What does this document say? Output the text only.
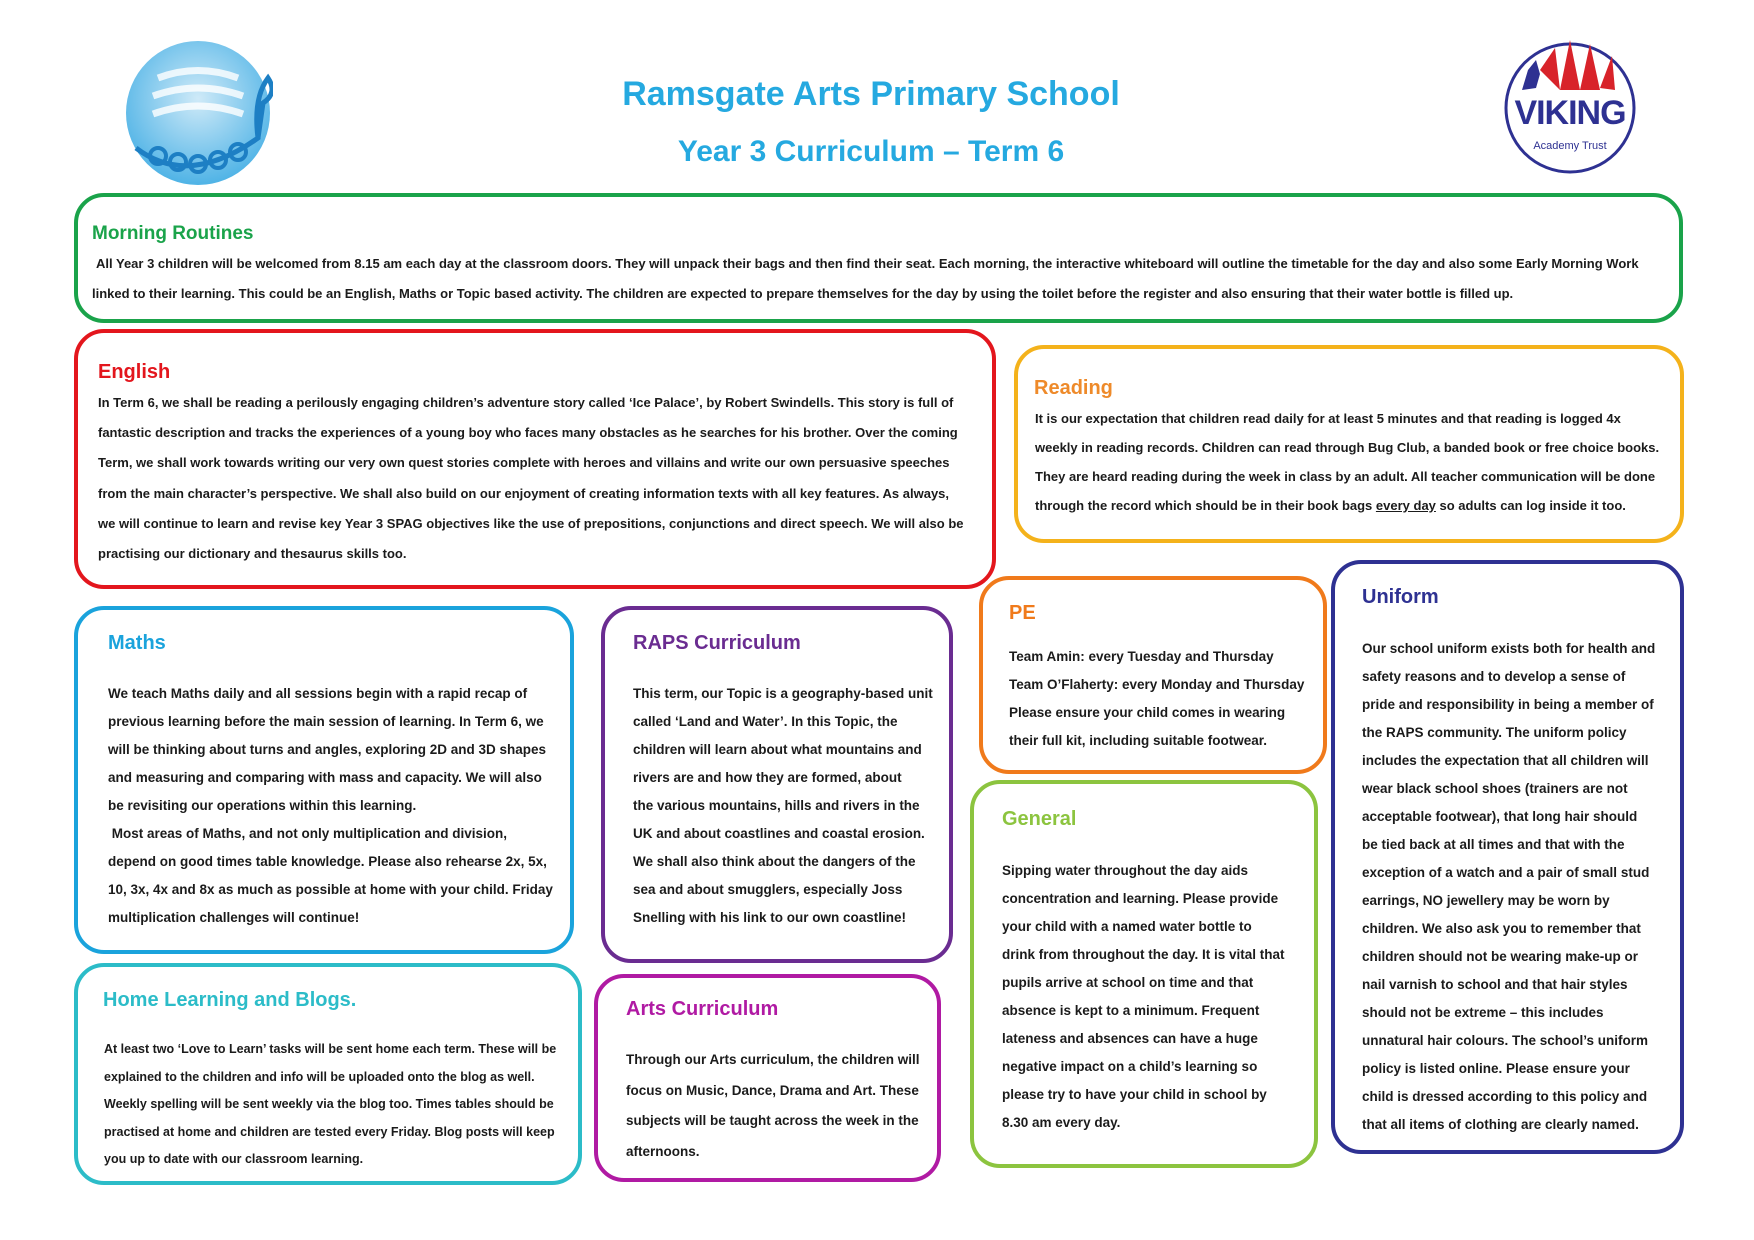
Ramsgate Arts Primary School
Year 3 Curriculum – Term 6
VIKING
Academy Trust
Morning Routines

All Year 3 children will be welcomed from 8.15 am each day at the classroom doors. They will unpack their bags and then find their seat. Each morning, the interactive whiteboard will outline the timetable for the day and also some Early Morning Work

linked to their learning. This could be an English, Maths or Topic based activity. The children are expected to prepare themselves for the day by using the toilet before the register and also ensuring that their water bottle is filled up.

English

In Term 6, we shall be reading a perilously engaging children’s adventure story called ‘Ice Palace’, by Robert Swindells. This story is full of

fantastic description and tracks the experiences of a young boy who faces many obstacles as he searches for his brother. Over the coming

Term, we shall work towards writing our very own quest stories complete with heroes and villains and write our own persuasive speeches

from the main character’s perspective. We shall also build on our enjoyment of creating information texts with all key features. As always,

we will continue to learn and revise key Year 3 SPAG objectives like the use of prepositions, conjunctions and direct speech. We will also be

practising our dictionary and thesaurus skills too.

Reading

It is our expectation that children read daily for at least 5 minutes and that reading is logged 4x

weekly in reading records. Children can read through Bug Club, a banded book or free choice books.

They are heard reading during the week in class by an adult. All teacher communication will be done

through the record which should be in their book bags every day so adults can log inside it too.

Maths

We teach Maths daily and all sessions begin with a rapid recap of

previous learning before the main session of learning. In Term 6, we

will be thinking about turns and angles, exploring 2D and 3D shapes

and measuring and comparing with mass and capacity. We will also

be revisiting our operations within this learning.

Most areas of Maths, and not only multiplication and division,

depend on good times table knowledge. Please also rehearse 2x, 5x,

10, 3x, 4x and 8x as much as possible at home with your child. Friday

multiplication challenges will continue!

RAPS Curriculum

This term, our Topic is a geography-based unit

called ‘Land and Water’. In this Topic, the

children will learn about what mountains and

rivers are and how they are formed, about

the various mountains, hills and rivers in the

UK and about coastlines and coastal erosion.

We shall also think about the dangers of the

sea and about smugglers, especially Joss

Snelling with his link to our own coastline!

PE

Team Amin: every Tuesday and Thursday

Team O’Flaherty: every Monday and Thursday

Please ensure your child comes in wearing

their full kit, including suitable footwear.

General

Sipping water throughout the day aids

concentration and learning. Please provide

your child with a named water bottle to

drink from throughout the day. It is vital that

pupils arrive at school on time and that

absence is kept to a minimum. Frequent

lateness and absences can have a huge

negative impact on a child’s learning so

please try to have your child in school by

8.30 am every day.

Uniform

Our school uniform exists both for health and

safety reasons and to develop a sense of

pride and responsibility in being a member of

the RAPS community. The uniform policy

includes the expectation that all children will

wear black school shoes (trainers are not

acceptable footwear), that long hair should

be tied back at all times and that with the

exception of a watch and a pair of small stud

earrings, NO jewellery may be worn by

children. We also ask you to remember that

children should not be wearing make-up or

nail varnish to school and that hair styles

should not be extreme – this includes

unnatural hair colours. The school’s uniform

policy is listed online. Please ensure your

child is dressed according to this policy and

that all items of clothing are clearly named.

Home Learning and Blogs.

At least two ‘Love to Learn’ tasks will be sent home each term. These will be

explained to the children and info will be uploaded onto the blog as well.

Weekly spelling will be sent weekly via the blog too. Times tables should be

practised at home and children are tested every Friday. Blog posts will keep

you up to date with our classroom learning.

Arts Curriculum

Through our Arts curriculum, the children will

focus on Music, Dance, Drama and Art. These

subjects will be taught across the week in the

afternoons.
